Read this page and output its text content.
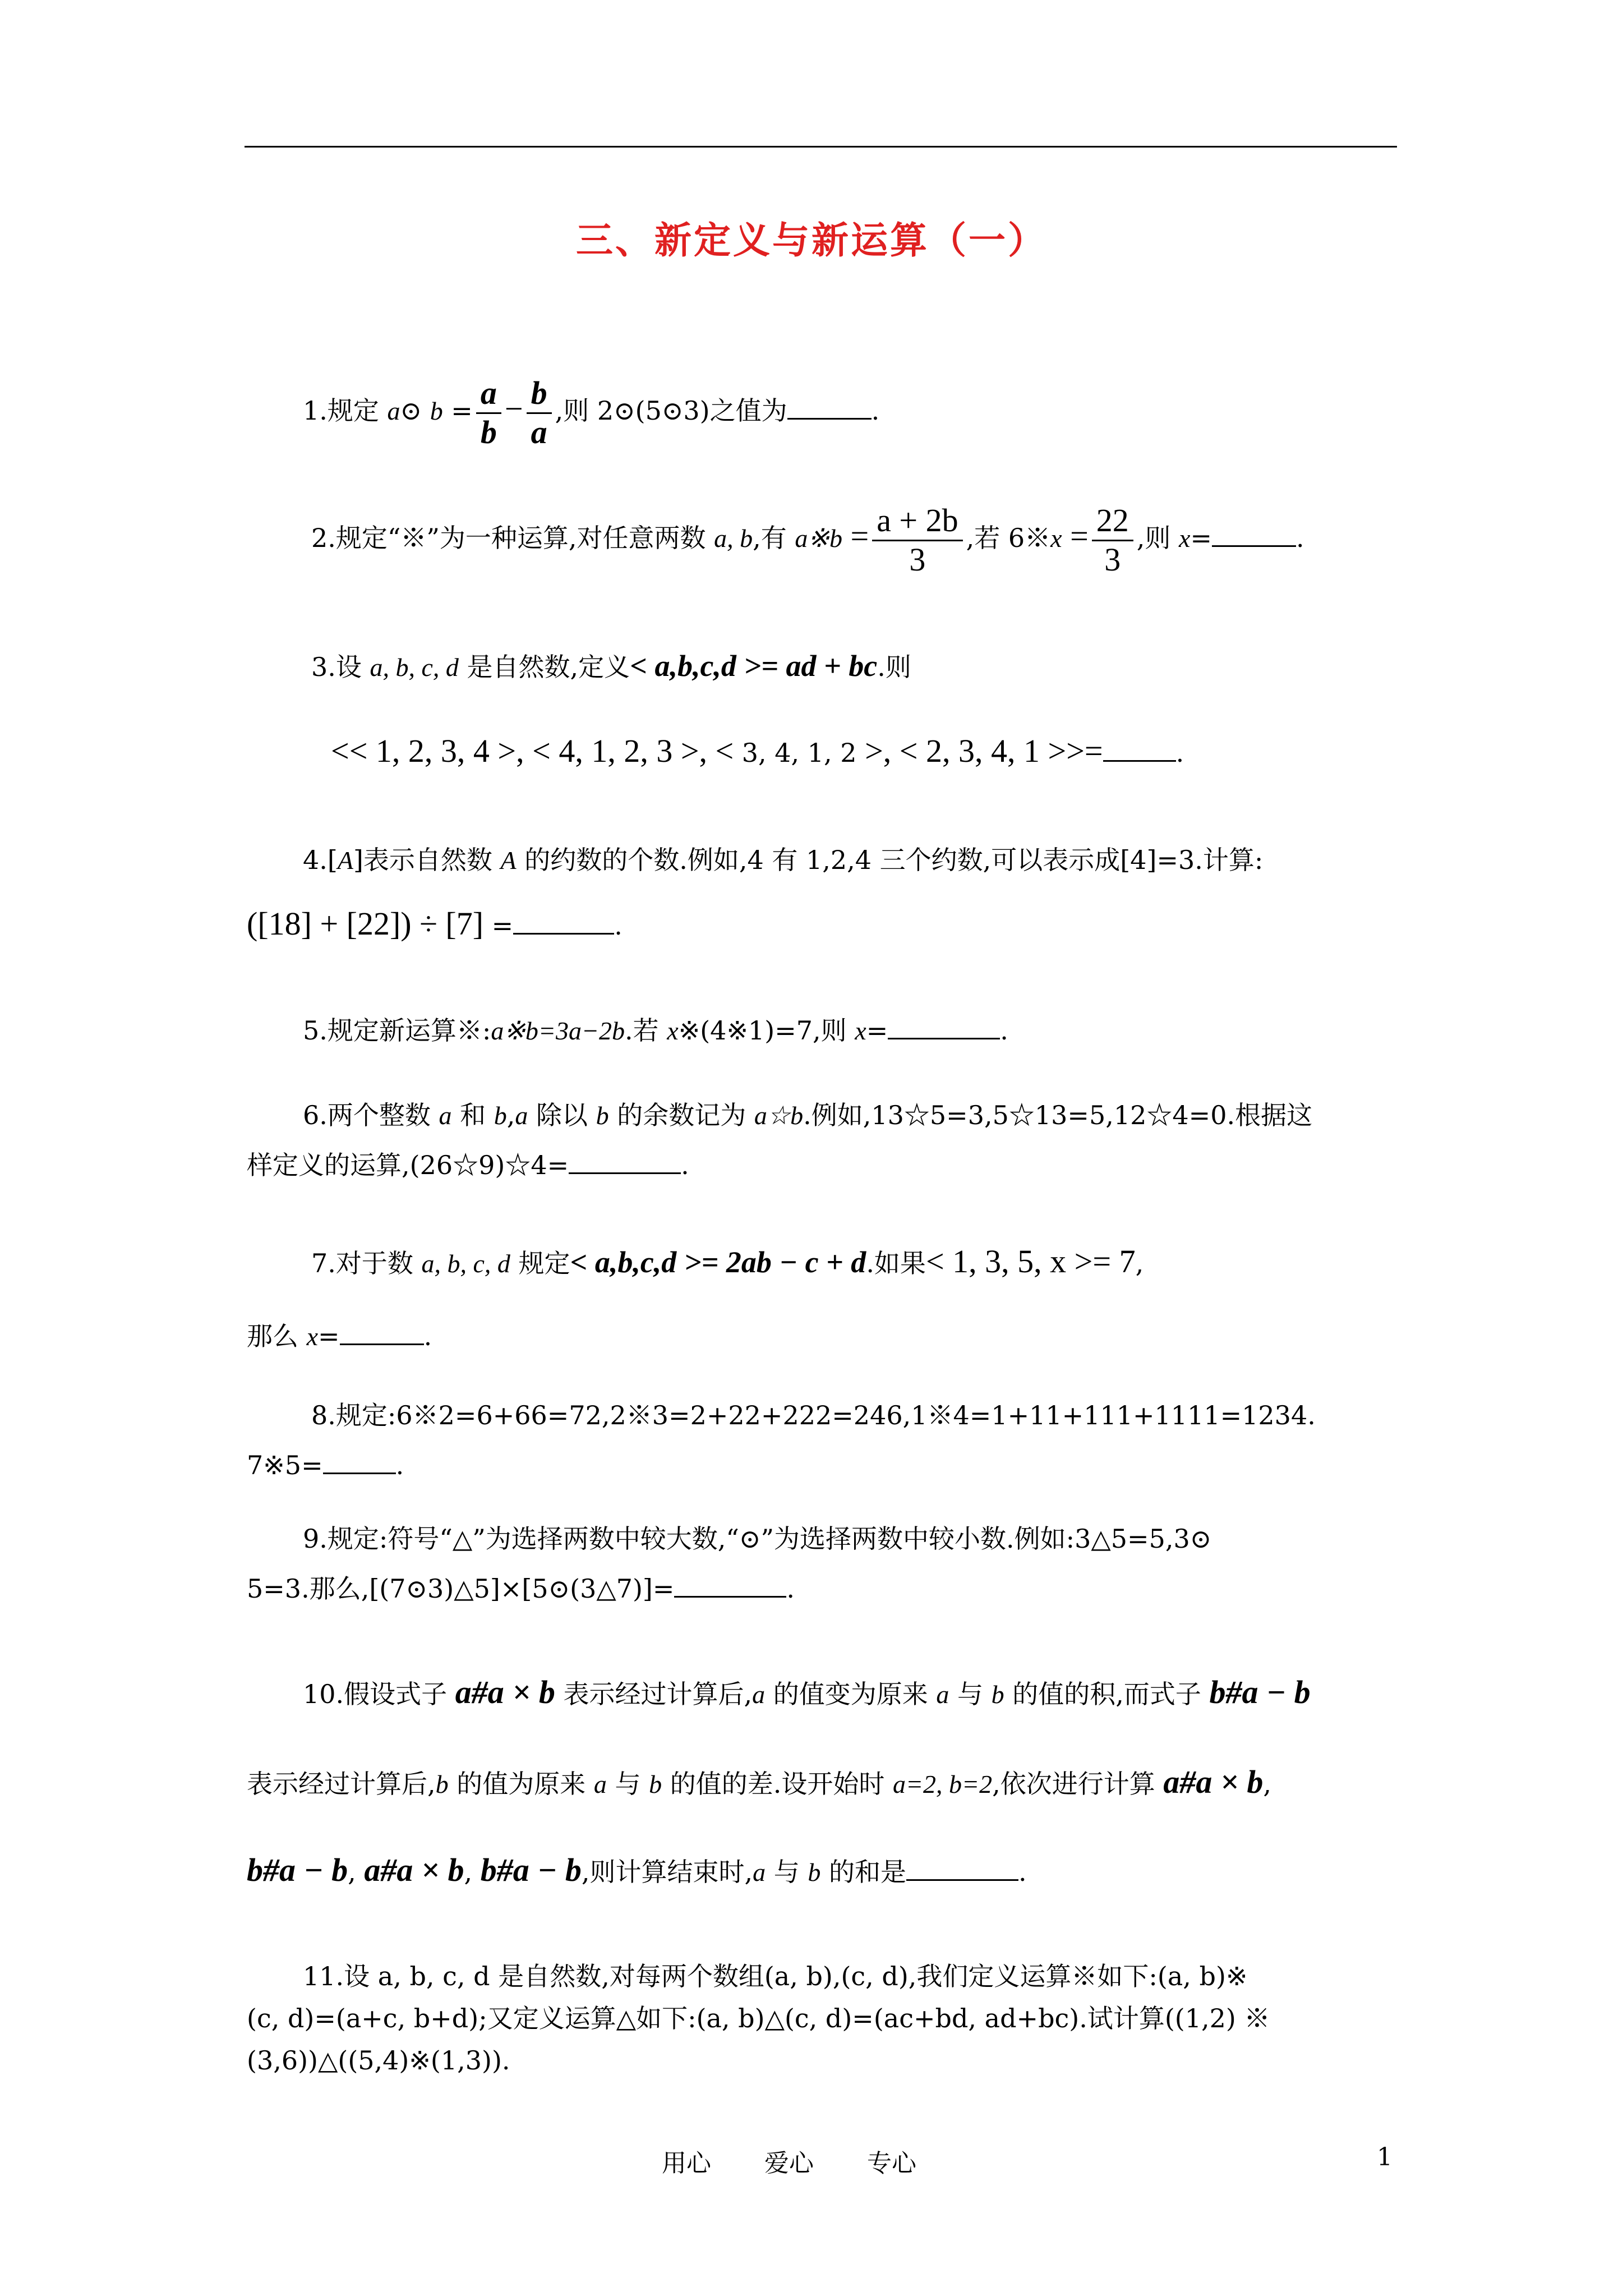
三、新定义与新运算（一）
1.规定 a⊙ $b = \frac{a}{b} - \frac{b}{a}$ ,则 2⊙(5⊙3)之值为	.
2.规定“※”为一种运算,对任意两数 a, b,有 a※b = $\frac{a + 2b}{3}$ ,若 6※x = $\frac{22}{3}$ ,则 x=	.
3.设 a, b, c, d 是自然数,定义< a,b,c,d >= ad + bc.则
<< 1, 2, 3, 4 >, < 4, 1, 2, 3 >, < 3, 4, 1, 2 >, < 2, 3, 4, 1 >>=	.
4.[A]表示自然数 A 的约数的个数.例如,4 有 1,2,4 三个约数,可以表示成[4]=3.计算:
([18] + [22]) ÷ [7] =	.
5.规定新运算※:a※b=3a−2b.若 x※(4※1)=7,则 x=	.
6.两个整数 a 和 b,a 除以 b 的余数记为 a☆b.例如,13☆5=3,5☆13=5,12☆4=0.根据这
样定义的运算,(26☆9)☆4=	.
7.对于数 a, b, c, d 规定< a,b,c,d >= 2ab − c + d.如果< 1, 3, 5, x >= 7,
那么 x=	.
8.规定:6※2=6+66=72,2※3=2+22+222=246,1※4=1+11+111+1111=1234.
7※5=	.
9.规定:符号“△”为选择两数中较大数,“⊙”为选择两数中较小数.例如:3△5=5,3⊙
5=3.那么,[(7⊙3)△5]×[5⊙(3△7)]=	.
10.假设式子 a#a × b 表示经过计算后,a 的值变为原来 a 与 b 的值的积,而式子 b#a − b
表示经过计算后,b 的值为原来 a 与 b 的值的差.设开始时 a=2, b=2,依次进行计算 a#a × b,
b#a − b, a#a × b, b#a − b,则计算结束时,a 与 b 的和是	.
11.设 a, b, c, d 是自然数,对每两个数组(a, b),(c, d),我们定义运算※如下:(a, b)※
(c, d)=(a+c, b+d);又定义运算△如下:(a, b)△(c, d)=(ac+bd, ad+bc).试计算((1,2) ※
(3,6))△((5,4)※(1,3)).
用心 爱心 专心	1
